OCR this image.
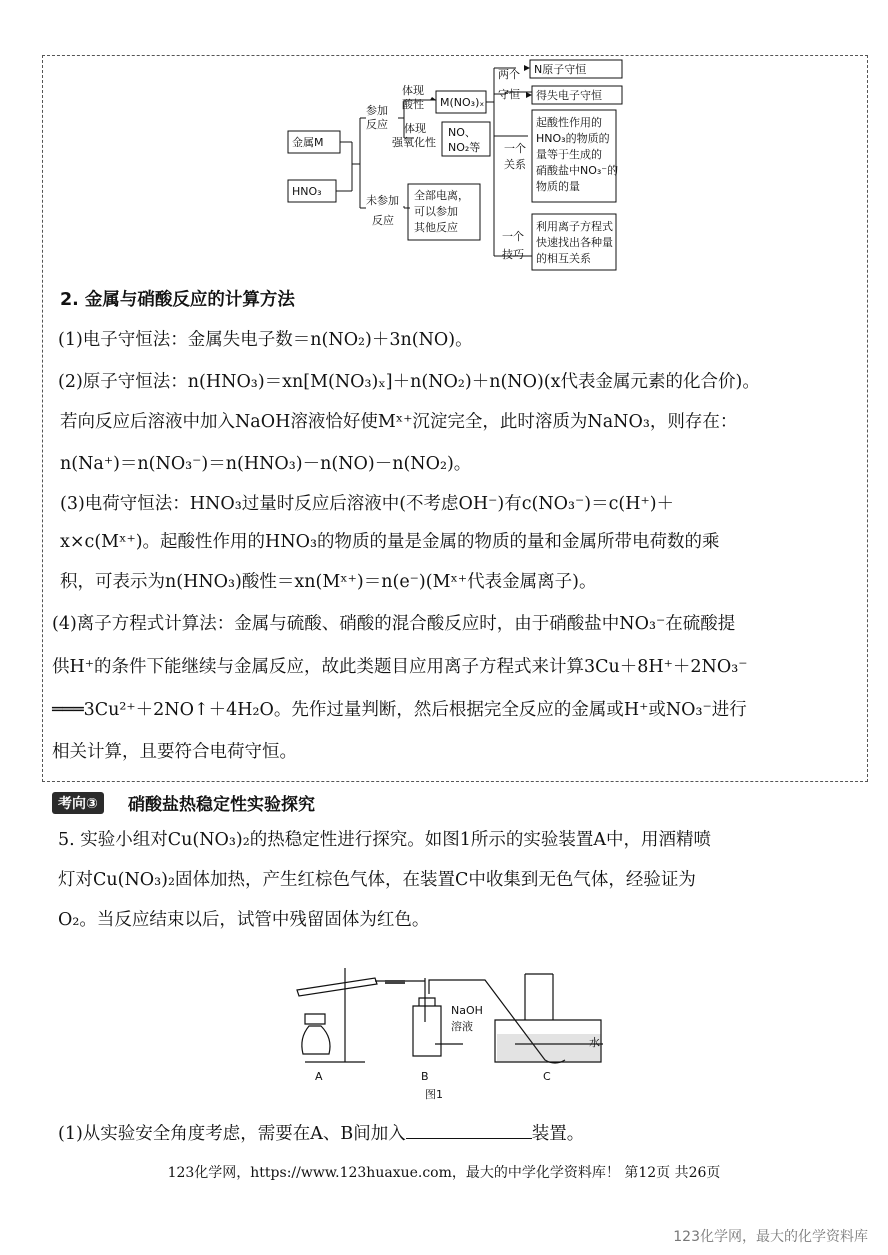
金属M
HNO₃
参加
反应
体现
酸性
体现
强氧化性
M(NO₃)ₓ
NO、
NO₂等
未参加
反应
全部电离，
可以参加
其他反应
两个
守恒
N原子守恒
得失电子守恒
一个
关系
起酸性作用的
HNO₃的物质的
量等于生成的
硝酸盐中NO₃⁻的
物质的量
一个
技巧
利用离子方程式
快速找出各种量
的相互关系
2. 金属与硝酸反应的计算方法
(1)电子守恒法：金属失电子数＝n(NO₂)＋3n(NO)。
(2)原子守恒法：n(HNO₃)＝xn[M(NO₃)ₓ]＋n(NO₂)＋n(NO)(x代表金属元素的化合价)。
若向反应后溶液中加入NaOH溶液恰好使Mˣ⁺沉淀完全，此时溶质为NaNO₃，则存在：
n(Na⁺)＝n(NO₃⁻)＝n(HNO₃)－n(NO)－n(NO₂)。
(3)电荷守恒法：HNO₃过量时反应后溶液中(不考虑OH⁻)有c(NO₃⁻)＝c(H⁺)＋
x×c(Mˣ⁺)。起酸性作用的HNO₃的物质的量是金属的物质的量和金属所带电荷数的乘
积，可表示为n(HNO₃)酸性＝xn(Mˣ⁺)＝n(e⁻)(Mˣ⁺代表金属离子)。
(4)离子方程式计算法：金属与硫酸、硝酸的混合酸反应时，由于硝酸盐中NO₃⁻在硫酸提
供H⁺的条件下能继续与金属反应，故此类题目应用离子方程式来计算3Cu＋8H⁺＋2NO₃⁻
═══3Cu²⁺＋2NO↑＋4H₂O。先作过量判断，然后根据完全反应的金属或H⁺或NO₃⁻进行
相关计算，且要符合电荷守恒。
考向③	硝酸盐热稳定性实验探究
5. 实验小组对Cu(NO₃)₂的热稳定性进行探究。如图1所示的实验装置A中，用酒精喷
灯对Cu(NO₃)₂固体加热，产生红棕色气体，在装置C中收集到无色气体，经验证为
O₂。当反应结束以后，试管中残留固体为红色。
NaOH
溶液
水
A	B	C
图1
(1)从实验安全角度考虑，需要在A、B间加入	装置。
123化学网，https://www.123huaxue.com，最大的中学化学资料库！ 第12页 共26页
123化学网，最大的化学资料库
